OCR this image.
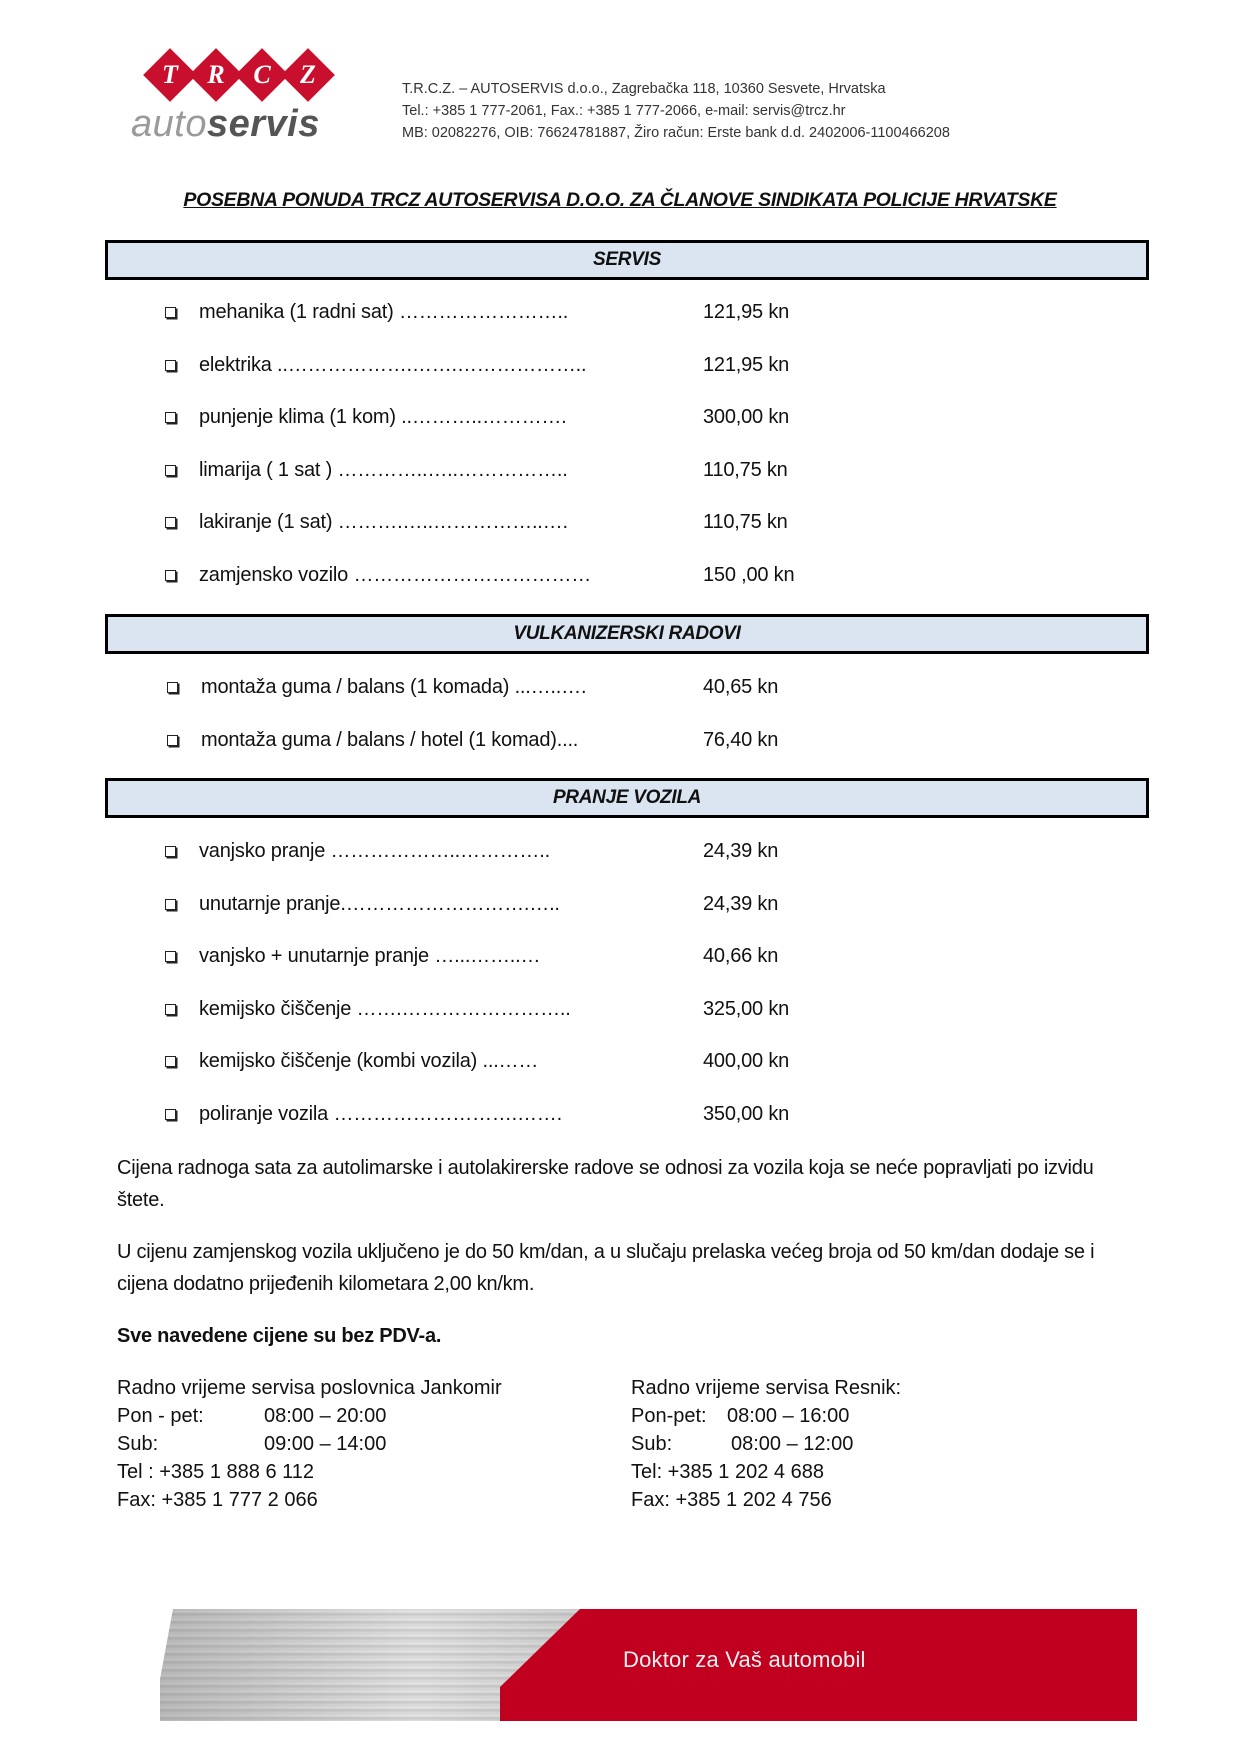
T	R	C	Z
autoservis
T.R.C.Z. – AUTOSERVIS d.o.o., Zagrebačka 118, 10360 Sesvete, Hrvatska
Tel.: +385 1 777-2061, Fax.: +385 1 777-2066, e-mail: servis@trcz.hr
MB: 02082276, OIB: 76624781887, Žiro račun: Erste bank d.d. 2402006-1100466208
POSEBNA PONUDA TRCZ AUTOSERVISA D.O.O. ZA ČLANOVE SINDIKATA POLICIJE HRVATSKE
SERVIS
mehanika (1 radni sat) ……………………..	121,95 kn
elektrika ..……………….…….………………..	121,95 kn
punjenje klima (1 kom) ..………..………….	300,00 kn
limarija ( 1 sat ) …………..…..……………..	110,75 kn
lakiranje (1 sat) ……….…..……………..….	110,75 kn
zamjensko vozilo ………………………………	150 ,00 kn
VULKANIZERSKI RADOVI
montaža guma / balans (1 komada) ...…..….	40,65 kn
montaža guma / balans / hotel (1 komad)....	76,40 kn
PRANJE VOZILA
vanjsko pranje ………………..…………..	24,39 kn
unutarnje pranje.……………………….…..	24,39 kn
vanjsko + unutarnje pranje …...……..…	40,66 kn
kemijsko čiščenje …….……………………..	325,00 kn
kemijsko čiščenje (kombi vozila) ...……	400,00 kn
poliranje vozila ……………………….…….	350,00 kn
Cijena radnoga sata za autolimarske i autolakirerske radove se odnosi za vozila koja se neće popravljati po izvidu štete.
U cijenu zamjenskog vozila uključeno je do 50 km/dan, a u slučaju prelaska većeg broja od 50 km/dan dodaje se i cijena dodatno prijeđenih kilometara 2,00 kn/km.
Sve navedene cijene su bez PDV-a.
Radno vrijeme servisa poslovnica Jankomir
Pon - pet:	08:00 – 20:00
Sub:	09:00 – 14:00
Tel : +385 1 888 6 112
Fax: +385 1 777 2 066
Radno vrijeme servisa Resnik:
Pon-pet: 08:00 – 16:00
Sub:	08:00 – 12:00
Tel: +385 1 202 4 688
Fax: +385 1 202 4 756
Doktor za Vaš automobil
